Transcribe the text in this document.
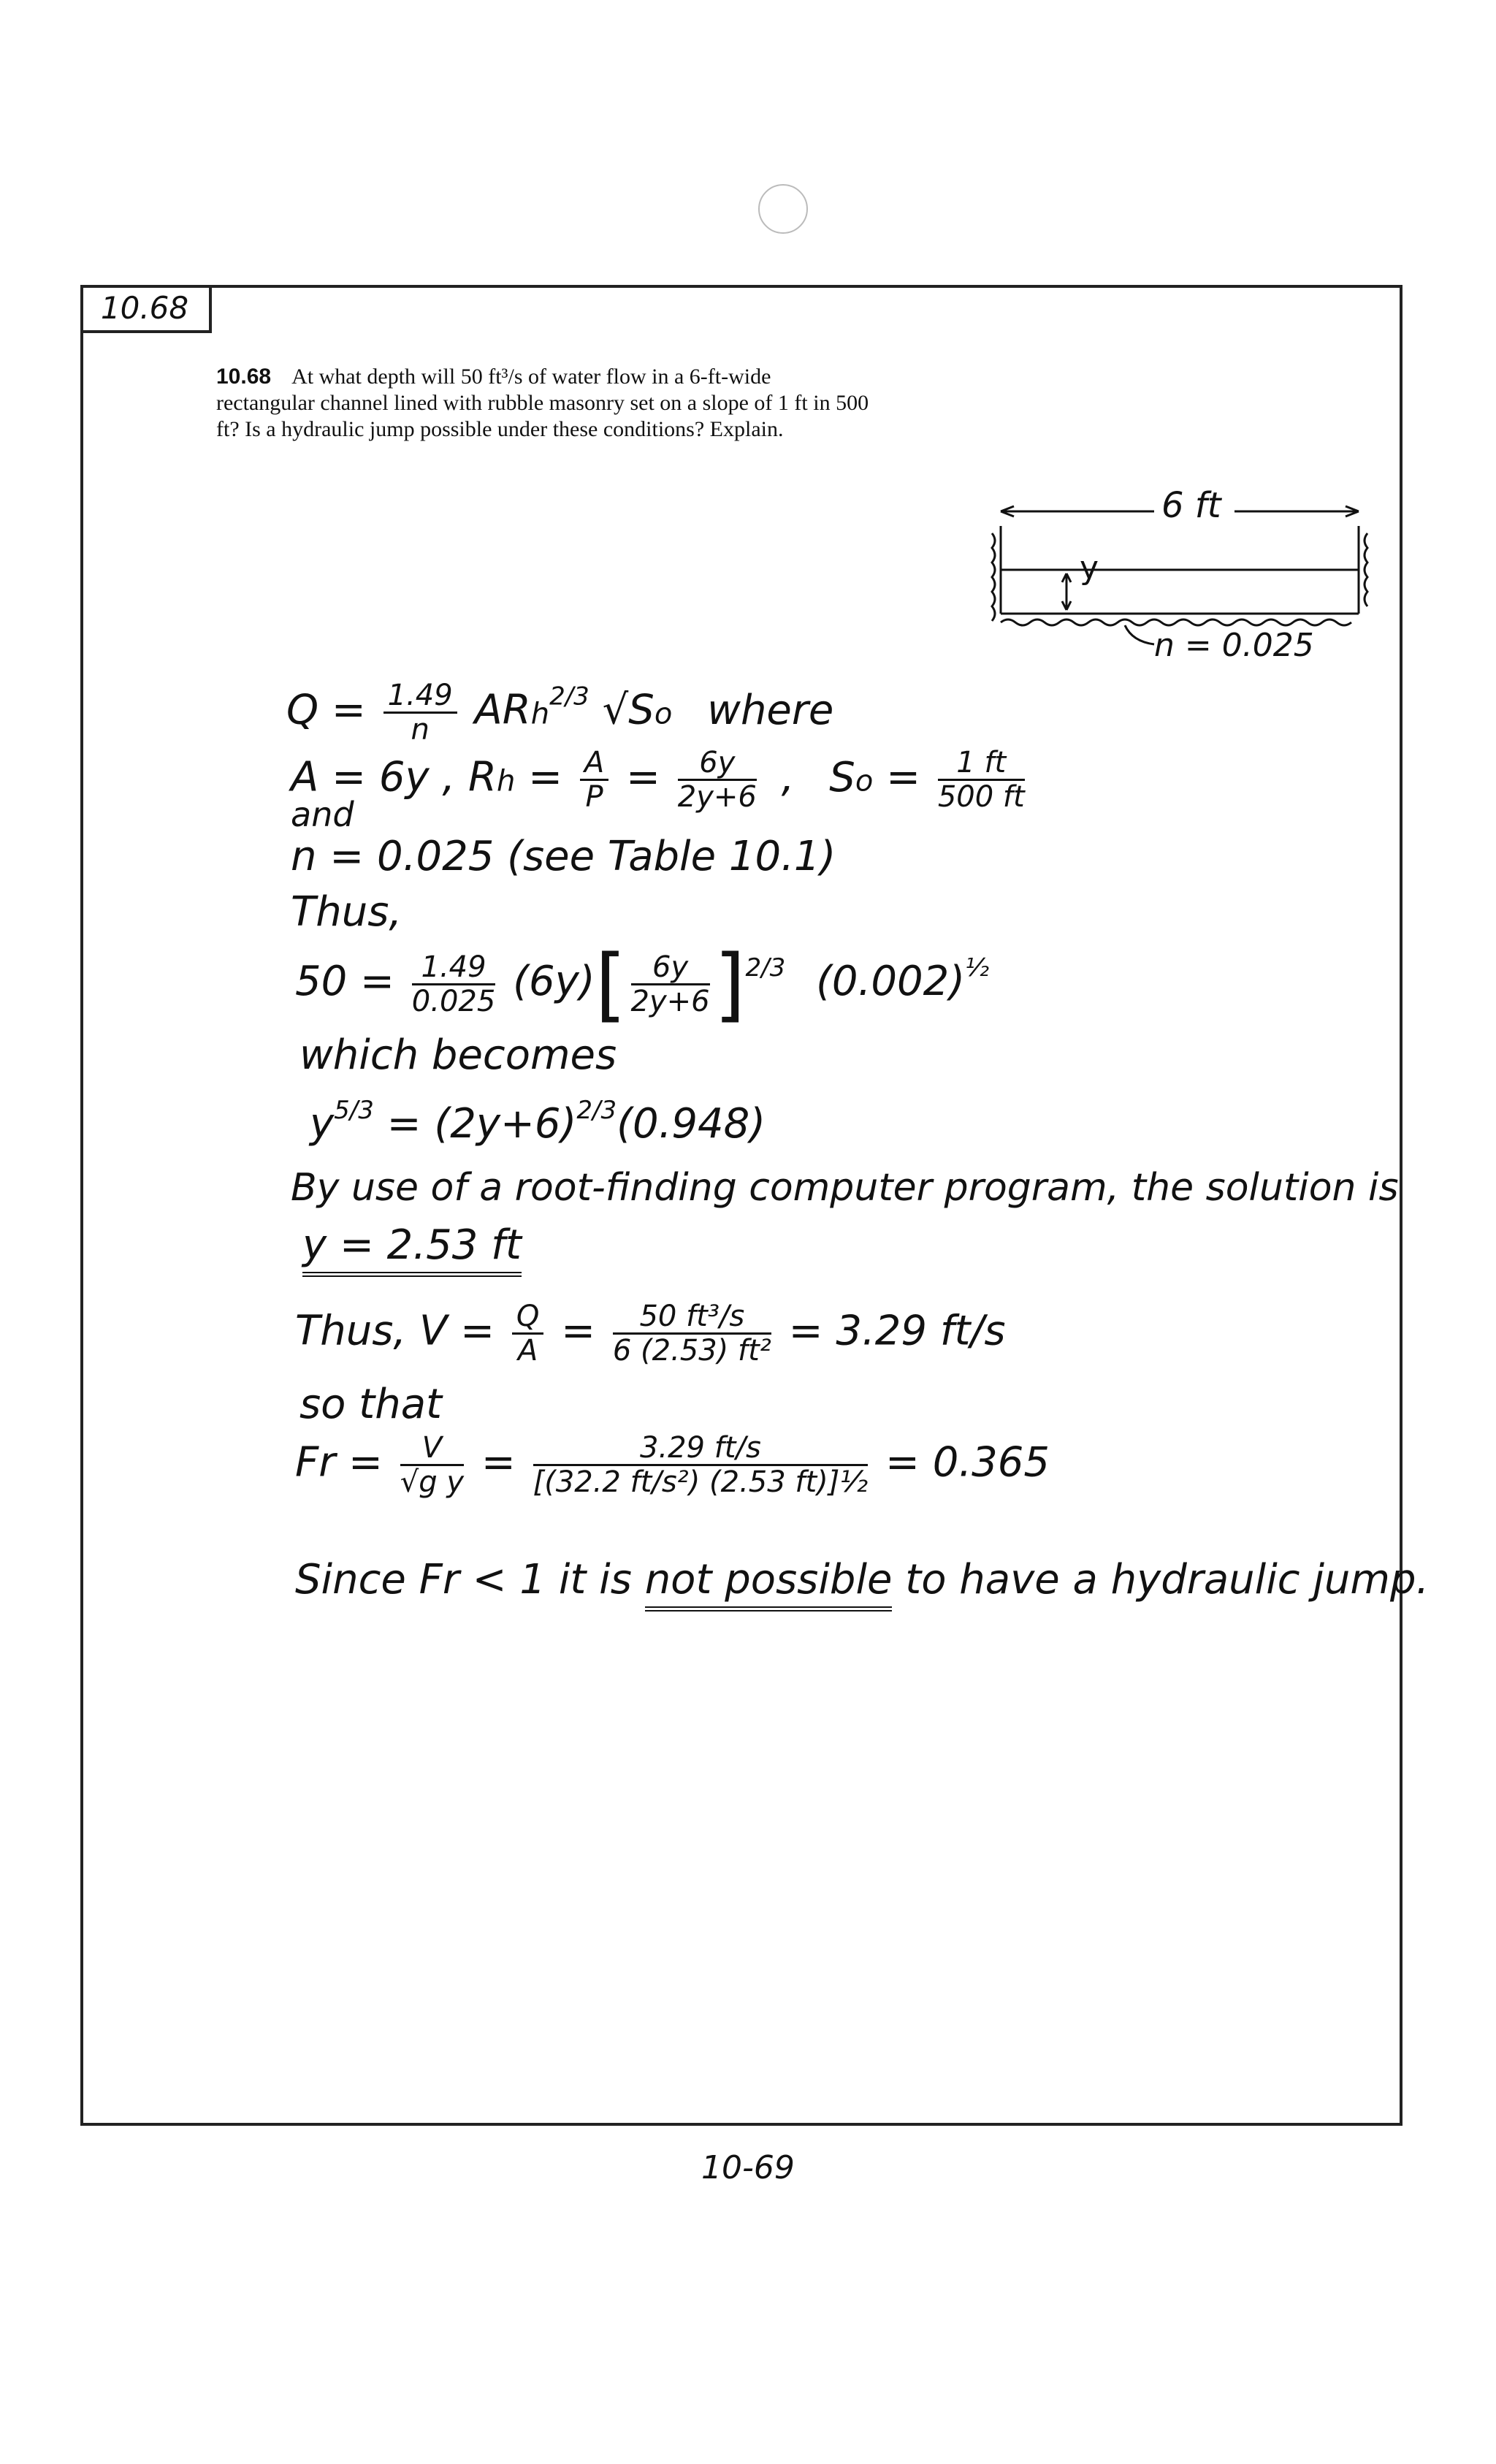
10.68
10.68 At what depth will 50 ft³/s of water flow in a 6-ft-wide rectangular channel lined with rubble masonry set on a slope of 1 ft in 500 ft? Is a hydraulic jump possible under these conditions? Explain.
6 ft
y
n = 0.025
$Q = \frac{1.49}{n} ARh^{2/3}$ √So where
A = 6y , $Rh = \frac{A}{P} = \frac{6y}{2y+6}$ , $So = \frac{1 ft}{500 ft}$
and
n = 0.025 (see Table 10.1)
Thus,
$50 = \frac{1.49}{0.025} (6y)[ \frac{6y}{2y+6} ]^{2/3}$ $(0.002)^{\frac{1}{2}}$
which becomes
$y^{5/3} = (2y+6)^{2/3}(0.948)$
By use of a root-finding computer program, the solution is
y = 2.53 ft
Thus, $V = \frac{Q}{A} = \frac{\text{50 ft³/s}}{\text{6 (2.53) ft²}} = 3.29$ ft/s
so that
$Fr = \frac{V}{\text{√g y}} = \frac{3.29 ft/s}{\text{[(32.2 ft/s²) (2.53 ft)]½}} = 0.365$
Since Fr < 1 it is not possible to have a hydraulic jump.
10-69
